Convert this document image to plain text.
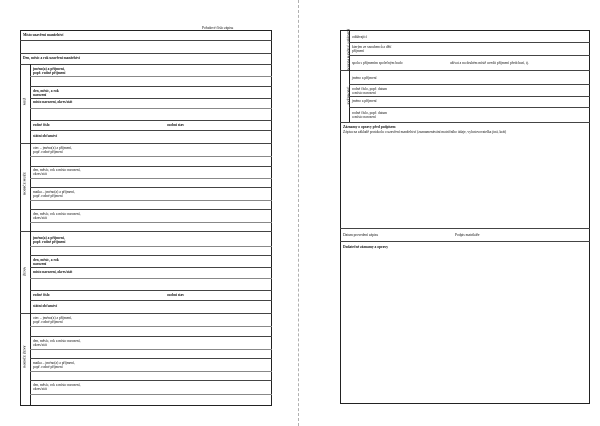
Pořadové číslo zápisu
Místo uzavření manželství
Den, měsíc a rok uzavření manželství
MUŽ
jméno(a) a příjmení,
popř. rodné příjmení
den, měsíc, a rok
narození
místo narození, okres/stát
rodné číslo	osobní stav
státní občanství
RODIČE MUŽE
otec – jméno(a) a příjmení,
popř. rodné příjmení
den, měsíc, rok a místo narození,
okres/stát
matka – jméno(a) a příjmení,
popř. rodné příjmení
den, měsíc, rok a místo narození,
okres/stát
ŽENA
jméno(a) a příjmení,
popř. rodné příjmení
den, měsíc, a rok
narození
místo narození, okres/stát
rodné číslo	osobní stav
státní občanství
RODIČE ŽENY
otec – jméno(a) a příjmení,
popř. rodné příjmení
den, měsíc, rok a místo narození,
okres/stát
matka – jméno(a) a příjmení,
popř. rodné příjmení
den, měsíc, rok a místo narození,
okres/stát
DOHODA MANŽELŮ O PŘÍJMENÍ oddávající
kterým ze snoubenců a dětí
příjmení
spolu s příjmením společným budo	užívat a na druhém místě uvedit příjmení předchozí, tj.
SVĚDKOVÉ
jméno a příjmení
rodné číslo, popř. datum
a místo narození
jméno a příjmení
rodné číslo, popř. datum
a místo narození
Záznamy o opravy před podpisem
Zápisu na základě protokolu o uzavření manželství (zaznamenávání matričního údaje, vyhotovovatelka jiná, krát)
Datum provedení zápisu	Podpis matrikáře
Dodatečné záznamy a opravy
